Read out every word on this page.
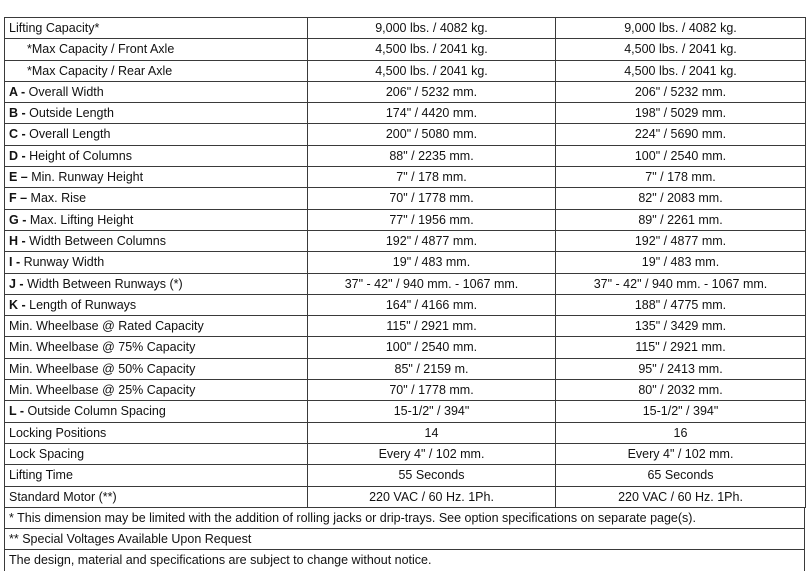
Lifting Capacity*	9,000 lbs. / 4082 kg.	9,000 lbs. / 4082 kg.
*Max Capacity / Front Axle	4,500 lbs. / 2041 kg.	4,500 lbs. / 2041 kg.
*Max Capacity / Rear Axle	4,500 lbs. / 2041 kg.	4,500 lbs. / 2041 kg.
A - Overall Width	206" / 5232 mm.	206" / 5232 mm.
B - Outside Length	174" / 4420 mm.	198" / 5029 mm.
C - Overall Length	200" / 5080 mm.	224" / 5690 mm.
D - Height of Columns	88" / 2235 mm.	100" / 2540 mm.
E – Min. Runway Height	7" / 178 mm.	7" / 178 mm.
F – Max. Rise	70" / 1778 mm.	82" / 2083 mm.
G - Max. Lifting Height	77" / 1956 mm.	89" / 2261 mm.
H - Width Between Columns	192" / 4877 mm.	192" / 4877 mm.
I - Runway Width	19" / 483 mm.	19" / 483 mm.
J - Width Between Runways (*)	37" - 42" / 940 mm. - 1067 mm.	37" - 42" / 940 mm. - 1067 mm.
K - Length of Runways	164" / 4166 mm.	188" / 4775 mm.
Min. Wheelbase @ Rated Capacity	115" / 2921 mm.	135" / 3429 mm.
Min. Wheelbase @ 75% Capacity	100" / 2540 mm.	115" / 2921 mm.
Min. Wheelbase @ 50% Capacity	85" / 2159 m.	95" / 2413 mm.
Min. Wheelbase @ 25% Capacity	70" / 1778 mm.	80" / 2032 mm.
L - Outside Column Spacing	15-1/2" / 394"	15-1/2" / 394"
Locking Positions	14	16
Lock Spacing	Every 4" / 102 mm.	Every 4" / 102 mm.
Lifting Time	55 Seconds	65 Seconds
Standard Motor (**)	220 VAC / 60 Hz. 1Ph.	220 VAC / 60 Hz. 1Ph.
* This dimension may be limited with the addition of rolling jacks or drip-trays. See option specifications on separate page(s).
** Special Voltages Available Upon Request
The design, material and specifications are subject to change without notice.
